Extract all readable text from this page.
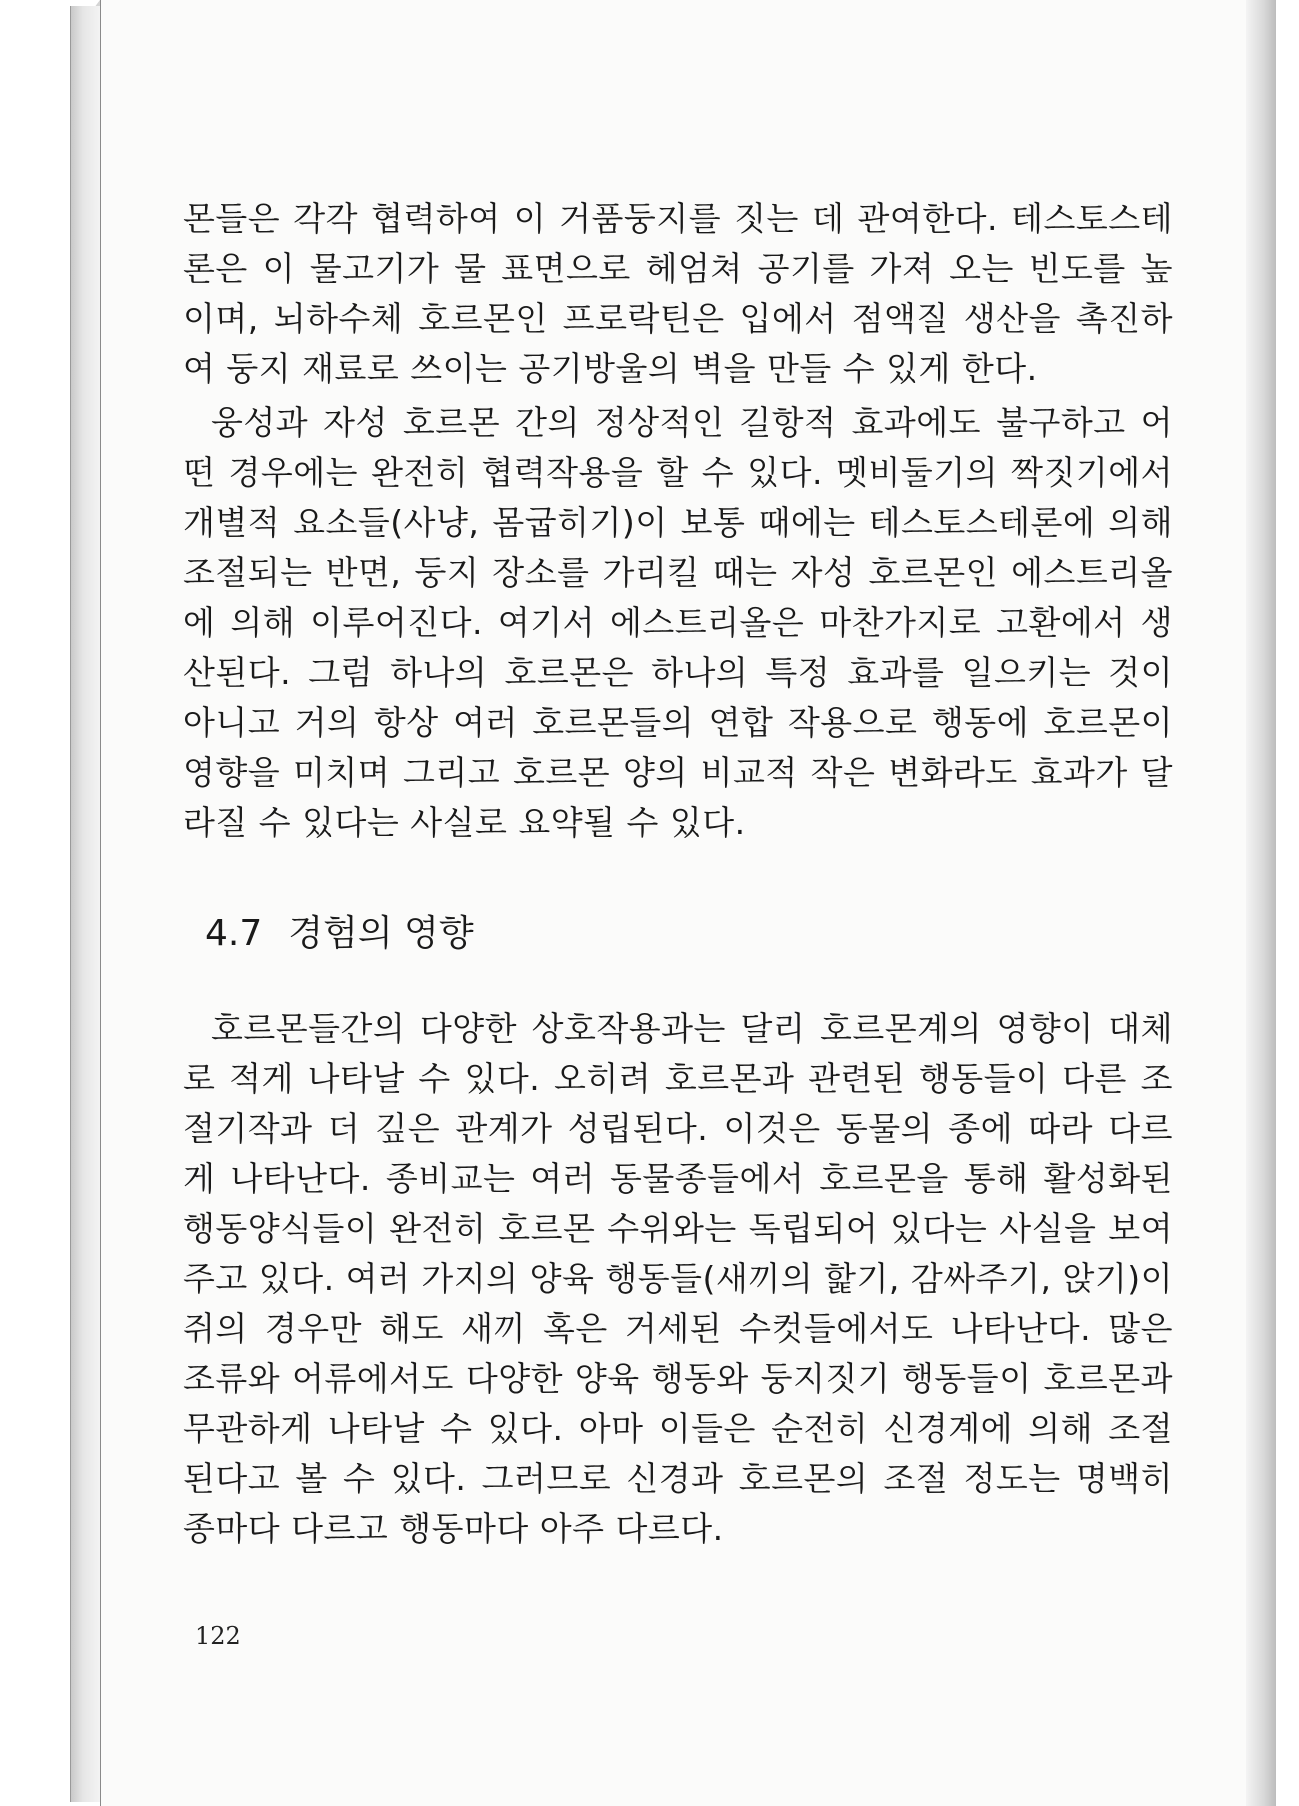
몬들은 각각 협력하여 이 거품둥지를 짓는 데 관여한다. 테스토스테
론은 이 물고기가 물 표면으로 헤엄쳐 공기를 가져 오는 빈도를 높
이며, 뇌하수체 호르몬인 프로락틴은 입에서 점액질 생산을 촉진하
여 둥지 재료로 쓰이는 공기방울의 벽을 만들 수 있게 한다.
웅성과 자성 호르몬 간의 정상적인 길항적 효과에도 불구하고 어
떤 경우에는 완전히 협력작용을 할 수 있다. 멧비둘기의 짝짓기에서
개별적 요소들(사냥, 몸굽히기)이 보통 때에는 테스토스테론에 의해
조절되는 반면, 둥지 장소를 가리킬 때는 자성 호르몬인 에스트리올
에 의해 이루어진다. 여기서 에스트리올은 마찬가지로 고환에서 생
산된다. 그럼 하나의 호르몬은 하나의 특정 효과를 일으키는 것이
아니고 거의 항상 여러 호르몬들의 연합 작용으로 행동에 호르몬이
영향을 미치며 그리고 호르몬 양의 비교적 작은 변화라도 효과가 달
라질 수 있다는 사실로 요약될 수 있다.
4.7 경험의 영향
호르몬들간의 다양한 상호작용과는 달리 호르몬계의 영향이 대체
로 적게 나타날 수 있다. 오히려 호르몬과 관련된 행동들이 다른 조
절기작과 더 깊은 관계가 성립된다. 이것은 동물의 종에 따라 다르
게 나타난다. 종비교는 여러 동물종들에서 호르몬을 통해 활성화된
행동양식들이 완전히 호르몬 수위와는 독립되어 있다는 사실을 보여
주고 있다. 여러 가지의 양육 행동들(새끼의 핥기, 감싸주기, 앉기)이
쥐의 경우만 해도 새끼 혹은 거세된 수컷들에서도 나타난다. 많은
조류와 어류에서도 다양한 양육 행동와 둥지짓기 행동들이 호르몬과
무관하게 나타날 수 있다. 아마 이들은 순전히 신경계에 의해 조절
된다고 볼 수 있다. 그러므로 신경과 호르몬의 조절 정도는 명백히
종마다 다르고 행동마다 아주 다르다.
122
